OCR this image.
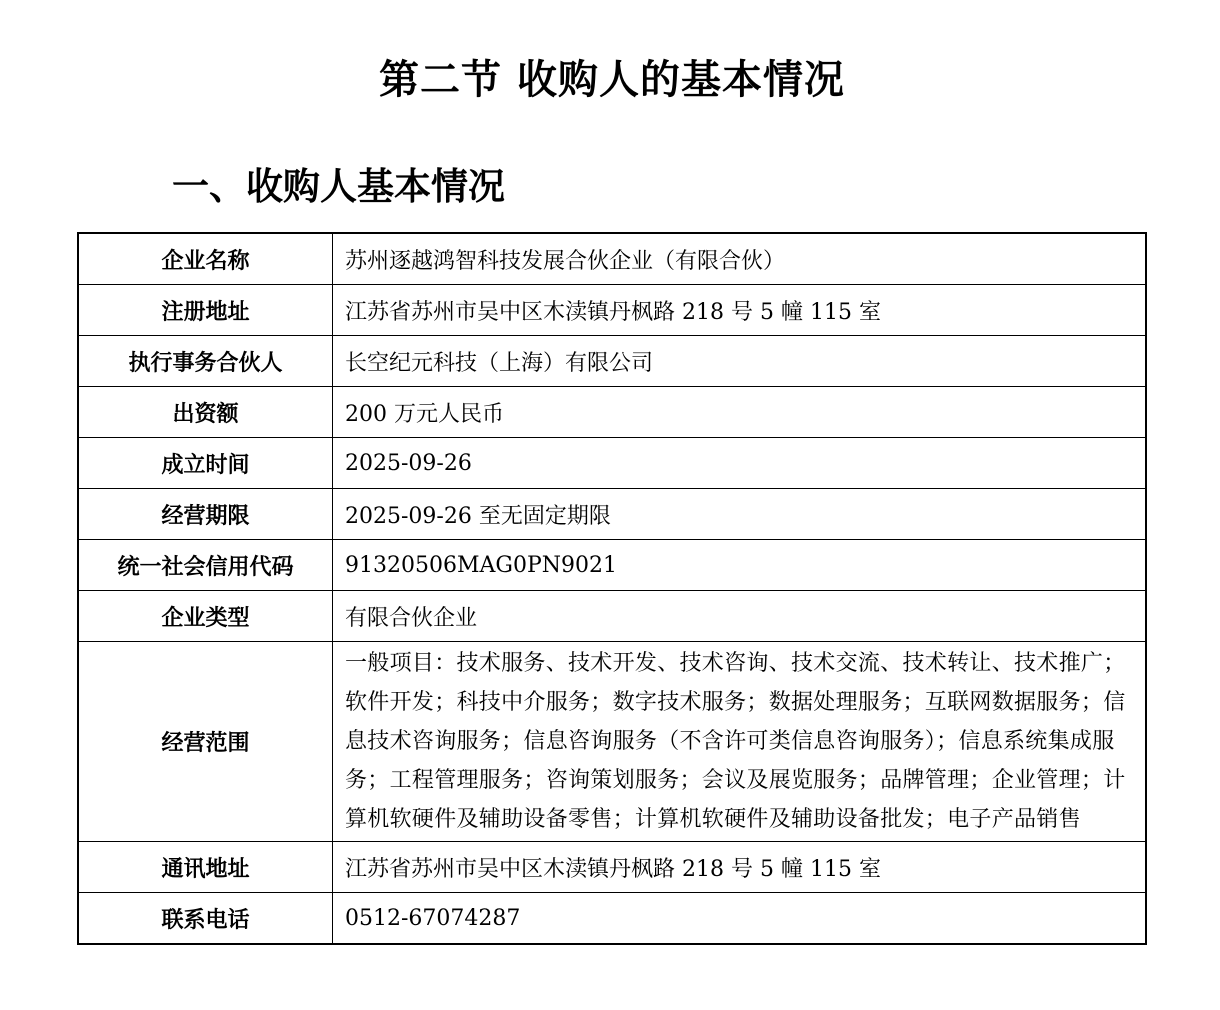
第二节 收购人的基本情况
一、收购人基本情况
企业名称	苏州逐越鸿智科技发展合伙企业（有限合伙）
注册地址	江苏省苏州市吴中区木渎镇丹枫路 218 号 5 幢 115 室
执行事务合伙人	长空纪元科技（上海）有限公司
出资额	200 万元人民币
成立时间	2025-09-26
经营期限	2025-09-26 至无固定期限
统一社会信用代码	91320506MAG0PN9021
企业类型	有限合伙企业
经营范围	一般项目：技术服务、技术开发、技术咨询、技术交流、技术转让、技术推广；软件开发；科技中介服务；数字技术服务；数据处理服务；互联网数据服务；信息技术咨询服务；信息咨询服务（不含许可类信息咨询服务）；信息系统集成服务；工程管理服务；咨询策划服务；会议及展览服务；品牌管理；企业管理；计算机软硬件及辅助设备零售；计算机软硬件及辅助设备批发；电子产品销售
通讯地址	江苏省苏州市吴中区木渎镇丹枫路 218 号 5 幢 115 室
联系电话	0512-67074287
